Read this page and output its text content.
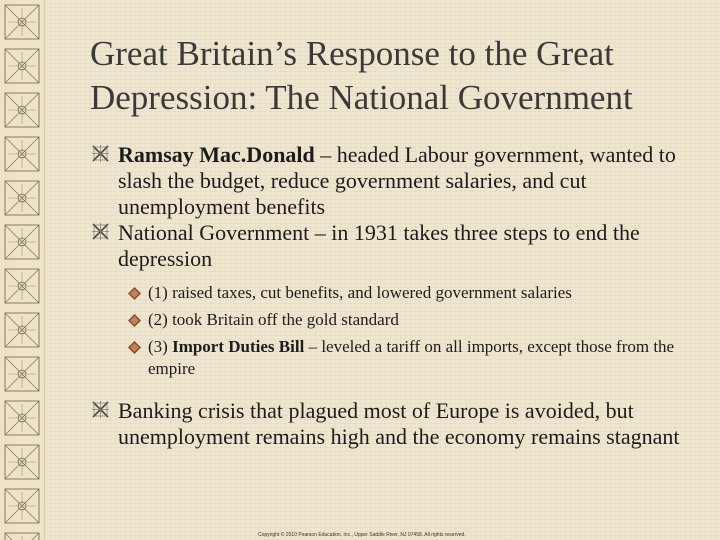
Great Britain’s Response to the Great
Depression: The National Government
Ramsay Mac.Donald – headed Labour government, wanted to slash the budget, reduce government salaries, and cut unemployment benefits
National Government – in 1931 takes three steps to end the depression
(1) raised taxes, cut benefits, and lowered government salaries
(2) took Britain off the gold standard
(3) Import Duties Bill – leveled a tariff on all imports, except those from the empire
Banking crisis that plagued most of Europe is avoided, but unemployment remains high and the economy remains stagnant
Copyright © 2010 Pearson Education, Inc., Upper Saddle River, NJ 07458. All rights reserved.
